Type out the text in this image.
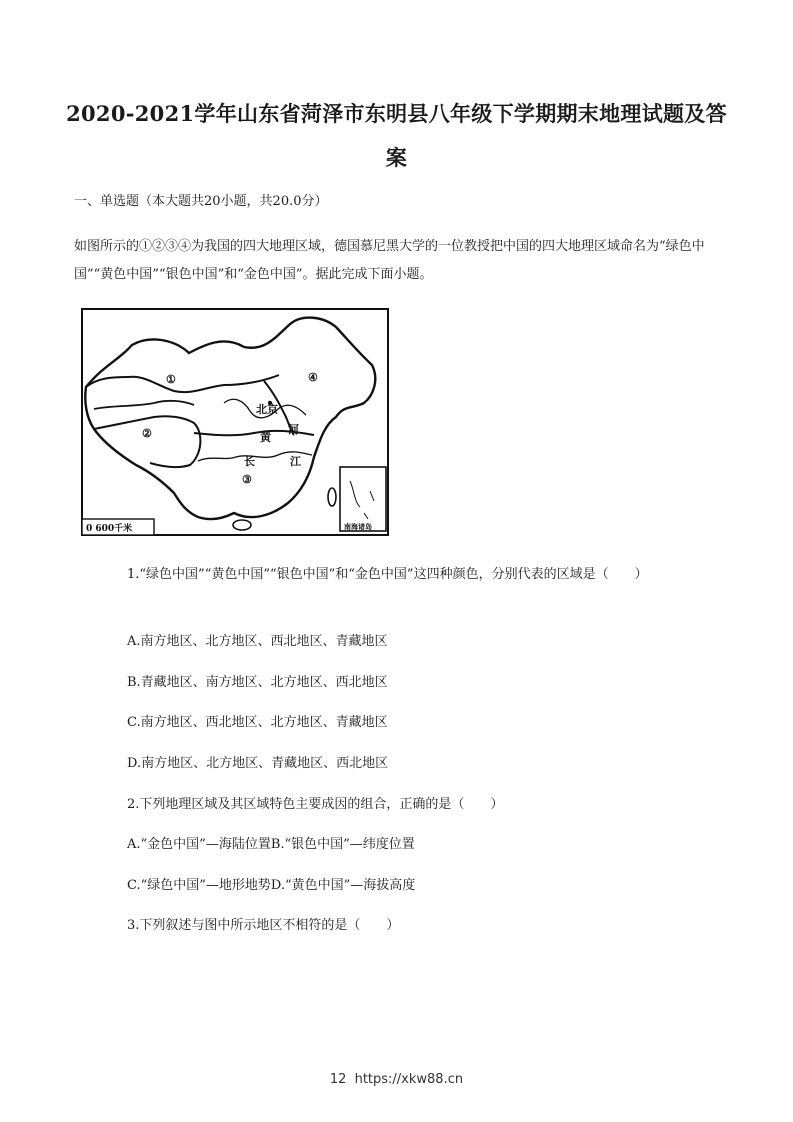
2020-2021学年山东省菏泽市东明县八年级下学期期末地理试题及答案
一、单选题（本大题共20小题，共20.0分）
如图所示的①②③④为我国的四大地理区域，德国慕尼黑大学的一位教授把中国的四大地理区域命名为“绿色中国”“黄色中国”“银色中国”和“金色中国”。据此完成下面小题。
①
②
③
④
北京
黄
河
长	江
0 600千米	南海诸岛
1.“绿色中国”“黄色中国”“银色中国”和“金色中国”这四种颜色，分别代表的区域是（　　）
A.南方地区、北方地区、西北地区、青藏地区
B.青藏地区、南方地区、北方地区、西北地区
C.南方地区、西北地区、北方地区、青藏地区
D.南方地区、北方地区、青藏地区、西北地区
2.下列地理区域及其区域特色主要成因的组合，正确的是（　　）
A.“金色中国”—海陆位置B.“银色中国”—纬度位置
C.“绿色中国”—地形地势D.“黄色中国”—海拔高度
3.下列叙述与图中所示地区不相符的是（　　）
12 https://xkw88.cn
